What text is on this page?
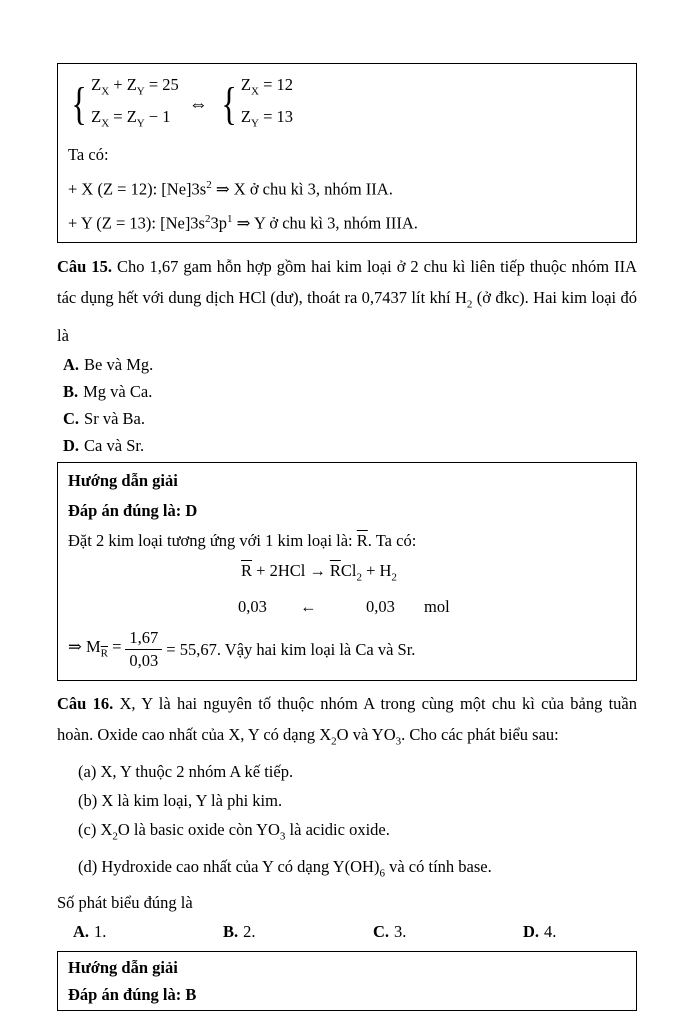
{ $Z_X + Z_Y = 25$
$Z_X = Z_Y - 1$
⇔ { $Z_X = 12$
$Z_Y = 13$
Ta có:
+ X (Z = 12): $[Ne]3s^2$ ⇒ X ở chu kì 3, nhóm IIA.
+ Y (Z = 13): $[Ne]3s^23p^1$ ⇒ Y ở chu kì 3, nhóm IIIA.

Câu 15. Cho 1,67 gam hỗn hợp gồm hai kim loại ở 2 chu kì liên tiếp thuộc nhóm IIA tác dụng hết với dung dịch HCl (dư), thoát ra 0,7437 lít khí $H_2$ (ở đkc). Hai kim loại đó là

A. Be và Mg.
B. Mg và Ca.
C. Sr và Ba.
D. Ca và Sr.
Hướng dẫn giải
Đáp án đúng là: D
Đặt 2 kim loại tương ứng với 1 kim loại là: $\overline{R}$. Ta có:
$\overline{R} + 2HCl \to \overline{R}Cl_2 + H_2$
0,03	←	0,03	mol
⇒ $M_{\overline{R}} = \frac{1,67}{0,03} = 55,67$. Vậy hai kim loại là Ca và Sr.

Câu 16. X, Y là hai nguyên tố thuộc nhóm A trong cùng một chu kì của bảng tuần hoàn. Oxide cao nhất của X, Y có dạng $X_2O$ và $YO_3$. Cho các phát biểu sau:

(a) X, Y thuộc 2 nhóm A kế tiếp.
(b) X là kim loại, Y là phi kim.
(c) $X_2O$ là basic oxide còn $YO_3$ là acidic oxide.
(d) Hydroxide cao nhất của Y có dạng $Y(OH)_6$ và có tính base.
Số phát biểu đúng là
A. 1.	B. 2.	C. 3.	D. 4.
Hướng dẫn giải
Đáp án đúng là: B
